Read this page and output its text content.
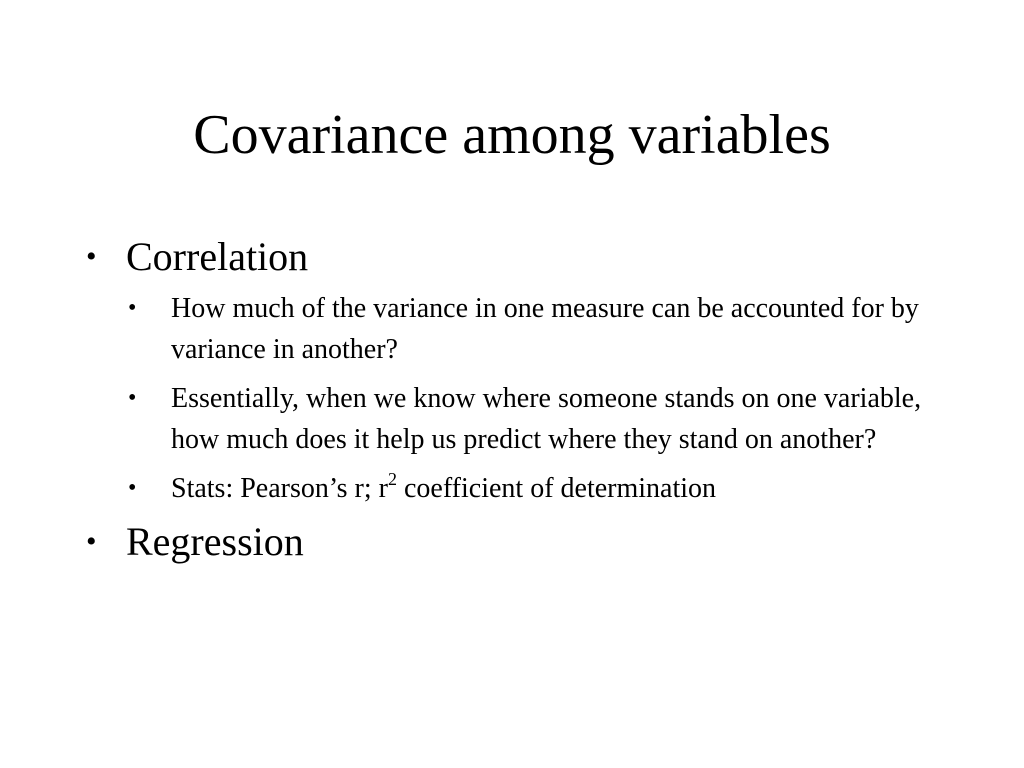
Covariance among variables
• Correlation
•	How much of the variance in one measure can be accounted for by variance in another?
•	Essentially, when we know where someone stands on one variable, how much does it help us predict where they stand on another?
•	Stats: Pearson’s r; $r^2$ coefficient of determination
• Regression
